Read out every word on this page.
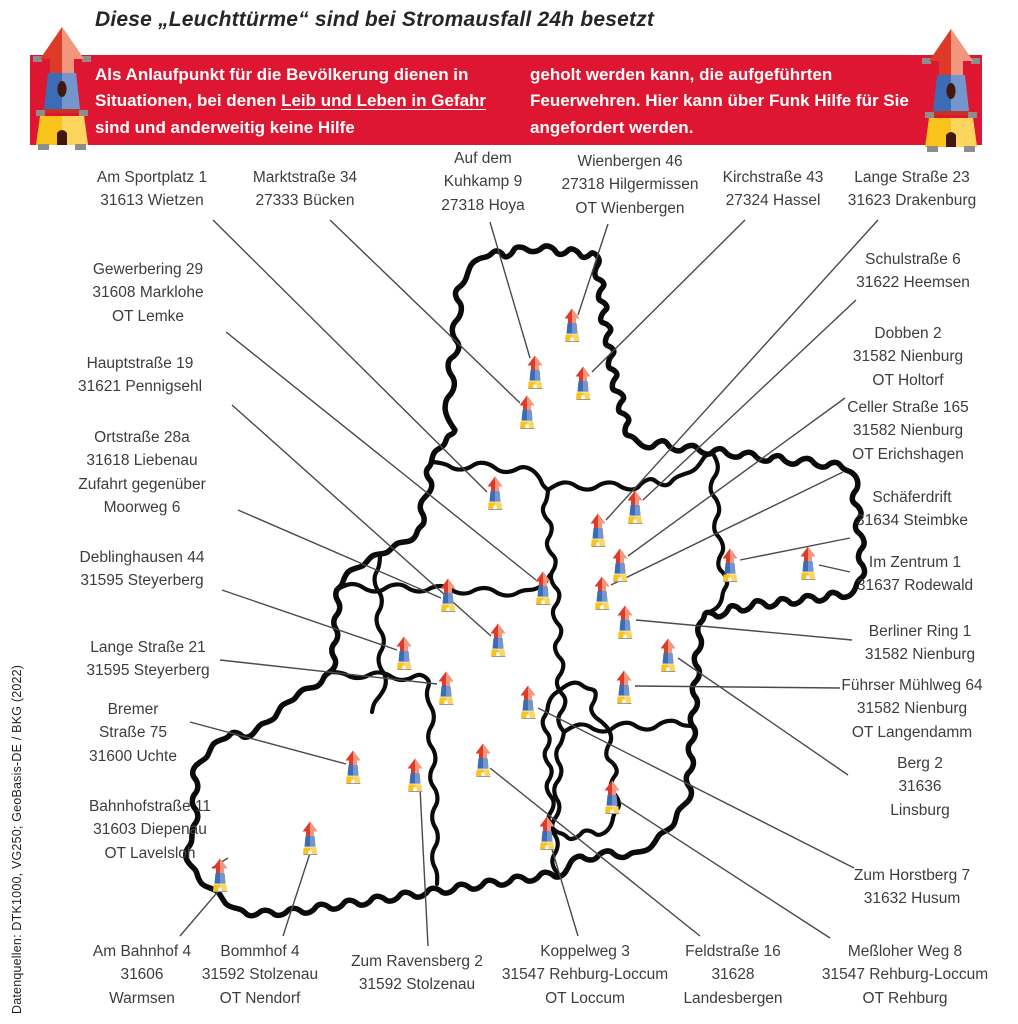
Diese „Leuchttürme“ sind bei Stromausfall 24h besetzt
Als Anlaufpunkt für die Bevölkerung dienen in Situationen, bei denen Leib und Leben in Gefahr sind und anderweitig keine Hilfe
geholt werden kann, die aufgeführten Feuerwehren. Hier kann über Funk Hilfe für Sie angefordert werden.
Am Sportplatz 1
31613 Wietzen
Marktstraße 34
27333 Bücken
Auf dem
Kuhkamp 9
27318 Hoya
Wienbergen 46
27318 Hilgermissen
OT Wienbergen
Kirchstraße 43
27324 Hassel
Lange Straße 23
31623 Drakenburg
Schulstraße 6
31622 Heemsen
Dobben 2
31582 Nienburg
OT Holtorf
Celler Straße 165
31582 Nienburg
OT Erichshagen
Schäferdrift
31634 Steimbke
Im Zentrum 1
31637 Rodewald
Berliner Ring 1
31582 Nienburg
Führser Mühlweg 64
31582 Nienburg
OT Langendamm
Berg 2
31636
Linsburg
Zum Horstberg 7
31632 Husum
Meßloher Weg 8
31547 Rehburg-Loccum
OT Rehburg
Feldstraße 16
31628
Landesbergen
Koppelweg 3
31547 Rehburg-Loccum
OT Loccum
Zum Ravensberg 2
31592 Stolzenau
Bommhof 4
31592 Stolzenau
OT Nendorf
Am Bahnhof 4
31606
Warmsen
Bahnhofstraße 11
31603 Diepenau
OT Lavelsloh
Bremer
Straße 75
31600 Uchte
Lange Straße 21
31595 Steyerberg
Deblinghausen 44
31595 Steyerberg
Ortstraße 28a
31618 Liebenau
Zufahrt gegenüber
Moorweg 6
Hauptstraße 19
31621 Pennigsehl
Gewerbering 29
31608 Marklohe
OT Lemke
Datenquellen: DTK1000, VG250; GeoBasis-DE / BKG (2022)
